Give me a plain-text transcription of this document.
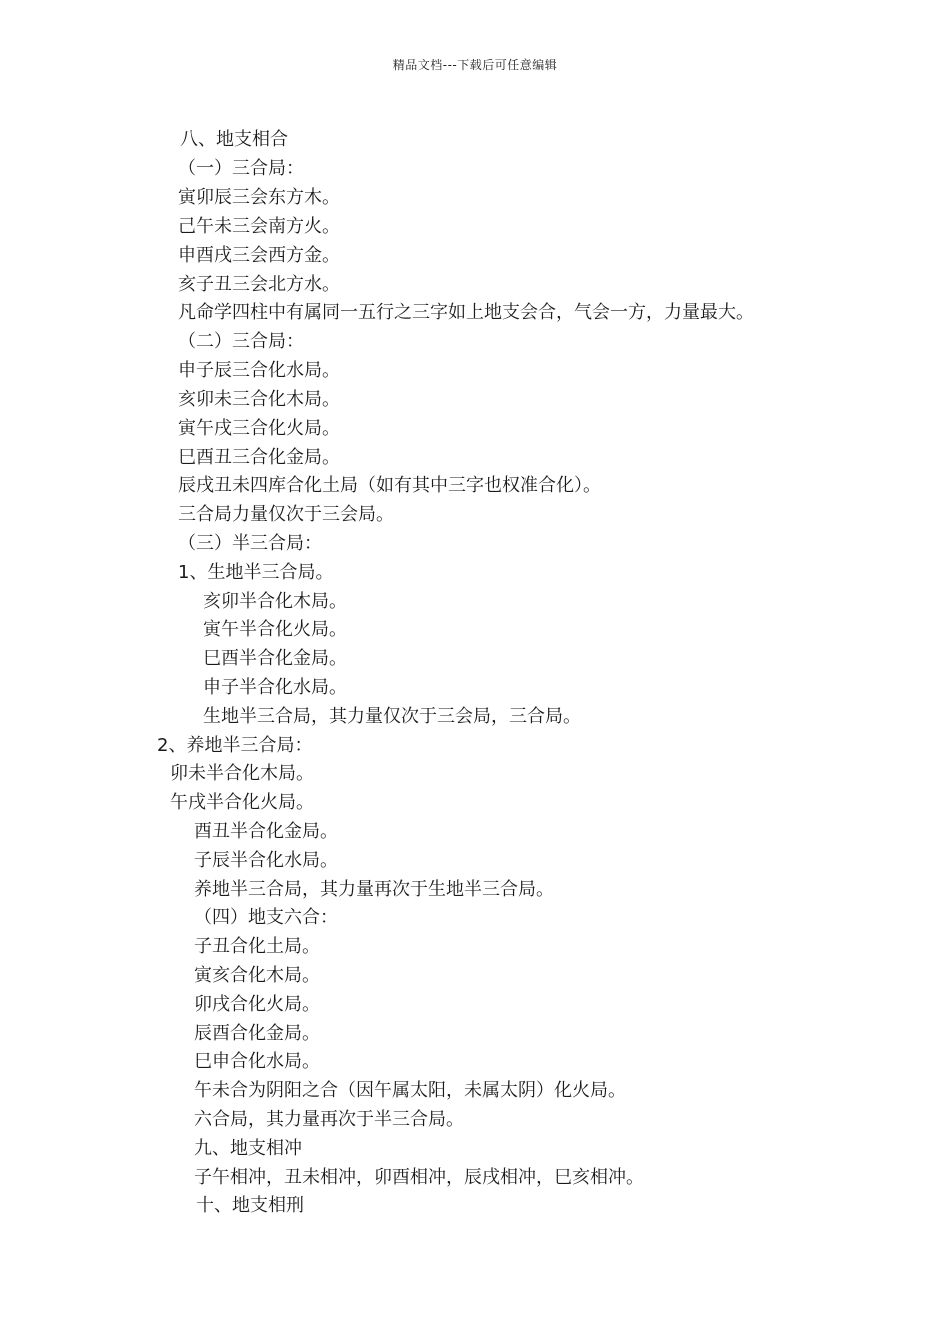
精品文档---下载后可任意编辑
八、地支相合
（一）三合局：
寅卯辰三会东方木。
己午未三会南方火。
申酉戌三会西方金。
亥子丑三会北方水。
凡命学四柱中有属同一五行之三字如上地支会合，气会一方，力量最大。
（二）三合局：
申子辰三合化水局。
亥卯未三合化木局。
寅午戌三合化火局。
巳酉丑三合化金局。
辰戌丑未四库合化土局（如有其中三字也权准合化）。
三合局力量仅次于三会局。
（三）半三合局：
1、生地半三合局。
亥卯半合化木局。
寅午半合化火局。
巳酉半合化金局。
申子半合化水局。
生地半三合局，其力量仅次于三会局，三合局。
2、养地半三合局：
卯未半合化木局。
午戌半合化火局。
酉丑半合化金局。
子辰半合化水局。
养地半三合局，其力量再次于生地半三合局。
（四）地支六合：
子丑合化土局。
寅亥合化木局。
卯戌合化火局。
辰酉合化金局。
巳申合化水局。
午未合为阴阳之合（因午属太阳，未属太阴）化火局。
六合局，其力量再次于半三合局。
九、地支相冲
子午相冲，丑未相冲，卯酉相冲，辰戌相冲，巳亥相冲。
十、地支相刑
